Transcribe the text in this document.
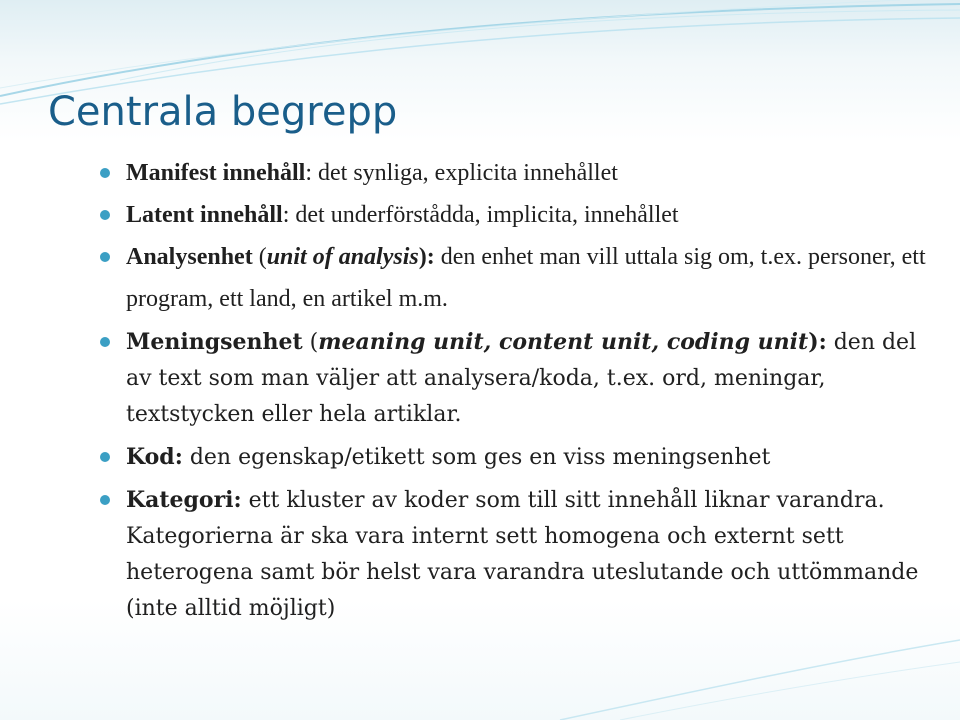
Centrala begrepp

Manifest innehåll: det synliga, explicita innehållet

Latent innehåll: det underförstådda, implicita, innehållet

Analysenhet (unit of analysis): den enhet man vill uttala sig om, t.ex. personer, ett program, ett land, en artikel m.m.

Meningsenhet (meaning unit, content unit, coding unit): den del av text som man väljer att analysera/koda, t.ex. ord, meningar, textstycken eller hela artiklar.

Kod: den egenskap/etikett som ges en viss meningsenhet

Kategori: ett kluster av koder som till sitt innehåll liknar varandra. Kategorierna är ska vara internt sett homogena och externt sett heterogena samt bör helst vara varandra uteslutande och uttömmande (inte alltid möjligt)
